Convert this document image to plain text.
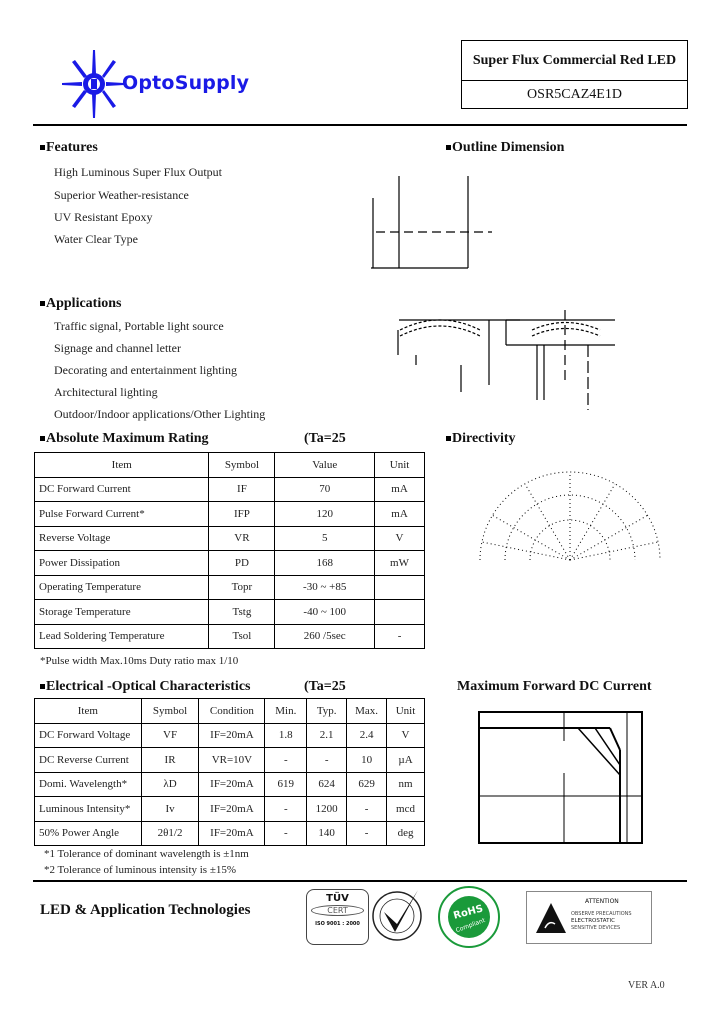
OptoSupply
Super Flux Commercial Red LED
OSR5CAZ4E1D
Features
High Luminous Super Flux Output
Superior Weather-resistance
UV Resistant Epoxy
Water Clear Type
Outline Dimension
Applications
Traffic signal, Portable light source
Signage and channel letter
Decorating and entertainment lighting
Architectural lighting
Outdoor/Indoor applications/Other Lighting
Absolute Maximum Rating	(Ta=25
Item	Symbol	Value	Unit
DC Forward Current	IF	70	mA
Pulse Forward Current*	IFP	120	mA
Reverse Voltage	VR	5	V
Power Dissipation	PD	168	mW
Operating Temperature	Topr	-30 ~ +85	
Storage Temperature	Tstg	-40 ~ 100	
Lead Soldering Temperature	Tsol	260 /5sec	-
*Pulse width Max.10ms Duty ratio max 1/10
Directivity
Electrical -Optical Characteristics	(Ta=25
Item	Symbol	Condition	Min.	Typ.	Max.	Unit
DC Forward Voltage	VF	IF=20mA	1.8	2.1	2.4	V
DC Reverse Current	IR	VR=10V	-	-	10	µA
Domi. Wavelength*	λD	IF=20mA	619	624	629	nm
Luminous Intensity*	Iv	IF=20mA	-	1200	-	mcd
50% Power Angle	2θ1/2	IF=20mA	-	140	-	deg
*1 Tolerance of dominant wavelength is ±1nm
*2 Tolerance of luminous intensity is ±15%
Maximum Forward DC Current
LED & Application Technologies
TÜV
CERT
ISO 9001 : 2000
RoHS
Compliant
ATTENTION
OBSERVE PRECAUTIONS
ELECTROSTATIC
SENSITIVE DEVICES
VER A.0
